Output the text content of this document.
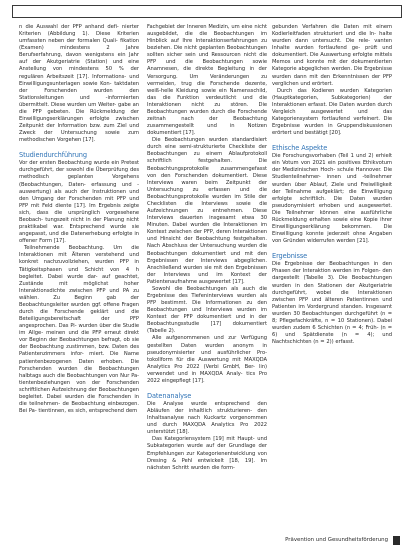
n die Auswahl der PFP anhand defi- nierter Kriterien (Abbildung 1). Diese Kriterien umfassten neben der formalen Quali- fikation (Examen) mindestens 2 Jahre Berufserfahrung, davon wenigstens ein Jahr auf der Akutgeriatrie (Station) und eine Anstellung von mindestens 50 % der regulären Arbeitszeit [17]. Informations- und Einwilligungsunterlagen sowie Kon- taktdaten der Forschenden wurden den Stationsleitungen und -informierten übermittelt. Diese wurden um Weiter- gabe an die PFP gebeten. Die Rückmeldung der Einwilligungserklärungen erfolgte zwischen Zeitpunkt der Information bzw. zum Ziel und Zweck der Untersuchung sowie zum methodischen Vorgehen [17].

Studiendurchführung

Vor der ersten Beobachtung wurde ein Pretest durchgeführt, der sowohl die Überprüfung des methodisch geplanten Vorgehens (Beobachtungen, Daten- erfassung und -auswertung) als auch der Instruktionen und den Umgang der Forschenden mit PFP und PFP mit Feld diente [17]. Im Ergebnis zeigte sich, dass die ursprünglich vorgesehene Beobach- tungszeit nicht in der Planung nicht praktikabel war. Entsprechend wurde sie angepasst, und die Datenerhebung erfolgte in offener Form [17].

Teilnehmende Beobachtung. Um die Interaktionen mit Älteren verstehend und konkret nachzuvollziehen, wurden PFP in Tätigkeitsphasen und Schicht von 4 h begleitet. Dabei wurde dar- auf geachtet, Zustände mit möglichst hoher Interaktionsdichte zwischen PFP und PA zu wählen. Zu Beginn gab der Beobachtungsleiter wurden ggf. offene Fragen durch die Forschende geklärt und die Beteiligungsbereitschaft der PFP angesprochen. Das Pi- wurden über die Studie im Allge- meinen und die PFP erneut direkt vor Beginn der Beobachtungen befragt, ob sie der Beobachtung zustimmen, bzw. Daten des Patientenzimmers infor- miert. Die Name patientenbezogenen Daten erhoben. Die Forschenden wurden die Beobachtungen halbtags auch die Beobachtungen von Nur Pa- tientenbeziehungen von der Forschenden schriftlichen Aufzeichnung der Beobachtungen begleitet. Dabei wurden die Forschenden in die teilnehmen- de Beobachtung einbezogen. Bei Pa- tientinnen, es sich, entsprechend dem

Fachgebiet der Inneren Medizin, um eine nicht ausgebildet, die die Beobachtungen im Hinblick auf Ihre Interaktionserfahrungen zu beziehen. Die nicht geplanten Beobachtungen sollten sicher sein und Ressourcen nicht die PFP und die Beobachtungen sowie Anamnesen, die direkte Begleitung in der Versorgung. Um Veränderungen zu vermeiden, trug die Forschende dezente, weiß-helle Kleidung sowie ein Namensschild, das die Funktion verdeutlicht und die Interaktionen nicht zu stören. Die Beobachtungen wurden durch die Forschende zeitnah nach der Beobachtung zusammengestellt und in Notizen dokumentiert [17].

Die Beobachtungen wurden standardisiert durch eine semi-strukturierte Checkliste der Beobachtungen zu einem Ablaufprotokoll schriftlich festgehalten. Die Beobachtungsprotokolle zusammengefasst von den Forschenden dokumentiert. Diese Interviews waren beim Zeitpunkt der Untersuchung zu erfassen und die Beobachtungsprotokolle wurden im Stile der Checklisten die Interviews sowie die Aufzeichnungen zu entnehmen. Diese Interviews dauerten insgesamt etwa 30 Minuten. Dabei wurden die Interaktionen im Kontext zwischen der PFP, deren Interaktionen und Hinsicht der Beobachtung festgehalten. Nach Abschluss der Untersuchung wurden die Beobachtungen dokumentiert und mit den Ergebnissen der Interviews abgeglichen. Anschließend wurden sie mit den Ergebnissen der Interviews und im Kontext der Patientenaufnahme ausgewertet [17].

Sowohl die Beobachtungen als auch die Ergebnisse des Tiefeninterviews wurden als PFP bestimmt. Die Informationen zu den Beobachtungen und Interviews wurden im Kontext der PFP dokumentiert und in der Beobachtungsstudie [17] dokumentiert (Tabelle 2).

Alle aufgenommenen und zur Verfügung gestellten Daten wurden anonym in pseudonymisierter und ausführlicher Pro- tokollform für die Auswertung mit MAXQDA Analytics Pro 2022 (Verbi GmbH, Ber- lin) verwendet und in MAXQDA Analy- tics Pro 2022 eingepflegt [17].

Datenanalyse

Die Analyse wurde entsprechend den Abläufen der inhaltlich strukturieren- den Inhaltsanalyse nach Kuckartz vorgenommen und durch MAXQDA Analytics Pro 2022 unterstützt [18].

Das Kategoriensystem [19] mit Haupt- und Subkategorien wurde auf der Grundlage der Empfehlungen zur Kategorienentwicklung von Dresing & Pehl entwickelt [18, 19]. Im nächsten Schritt wurden die form-

gebunden Verfahren die Daten mit einem Kodierleitfaden strukturiert und die In- halte wurden dann untersucht. Die rele- vanten Inhalte wurden fortlaufend ge- prüft und dokumentiert. Die Auswertung erfolgte mittels Memos und konnte mit der dokumentierten Kategorie abgeglichen werden. Die Ergebnisse wurden dann mit den Erkenntnissen der PFP verglichen und erörtert.

Durch das Kodieren wurden Kategorien (Hauptkategorien, Subkategorien) der Interaktionen erfasst. Die Daten wurden durch Vergleich ausgewertet und das Kategoriensystem fortlaufend verfeinert. Die Ergebnisse wurden in Gruppendiskussionen erörtert und bestätigt [20].

Ethische Aspekte

Die Forschungsvorhaben (Teil 1 und 2) erhielt ein Votum von 2021 ein positives Ethikvotum der Medizinischen Hoch- schule Hannover. Die Studienteilnehmer- innen und -teilnehmer wurden über Ablauf, Ziele und Freiwilligkeit der Teilnahme aufgeklärt; die Einwilligung erfolgte schriftlich. Die Daten wurden pseudonymisiert erhoben und ausgewertet. Die Teilnehmer können eine ausführliche Rückmeldung erhalten sowie eine Kopie ihrer Einwilligungserklärung bekommen. Die Einwilligung konnte jederzeit ohne Angaben von Gründen widerrufen werden [21].

Ergebnisse

Die Ergebnisse der Beobachtungen in den Phasen der Interaktion werden im Folgen- den dargestellt (Tabelle 3). Die Beobachtungen wurden in den Stationen der Akutgeriatrie durchgeführt, wobei die Interaktionen zwischen PFP und älteren Patientinnen und Patienten im Vordergrund standen. Insgesamt wurden 30 Beobachtungen durchgeführt (n = 8; Pflegefachkräfte, n = 10 Stationen). Dabei wurden zudem 6 Schichten (n = 4; Früh- (n = 6) und Spätdienste (n = 4); und Nachtschichten (n = 2)) erfasst.

Prävention und Gesundheitsförderung
